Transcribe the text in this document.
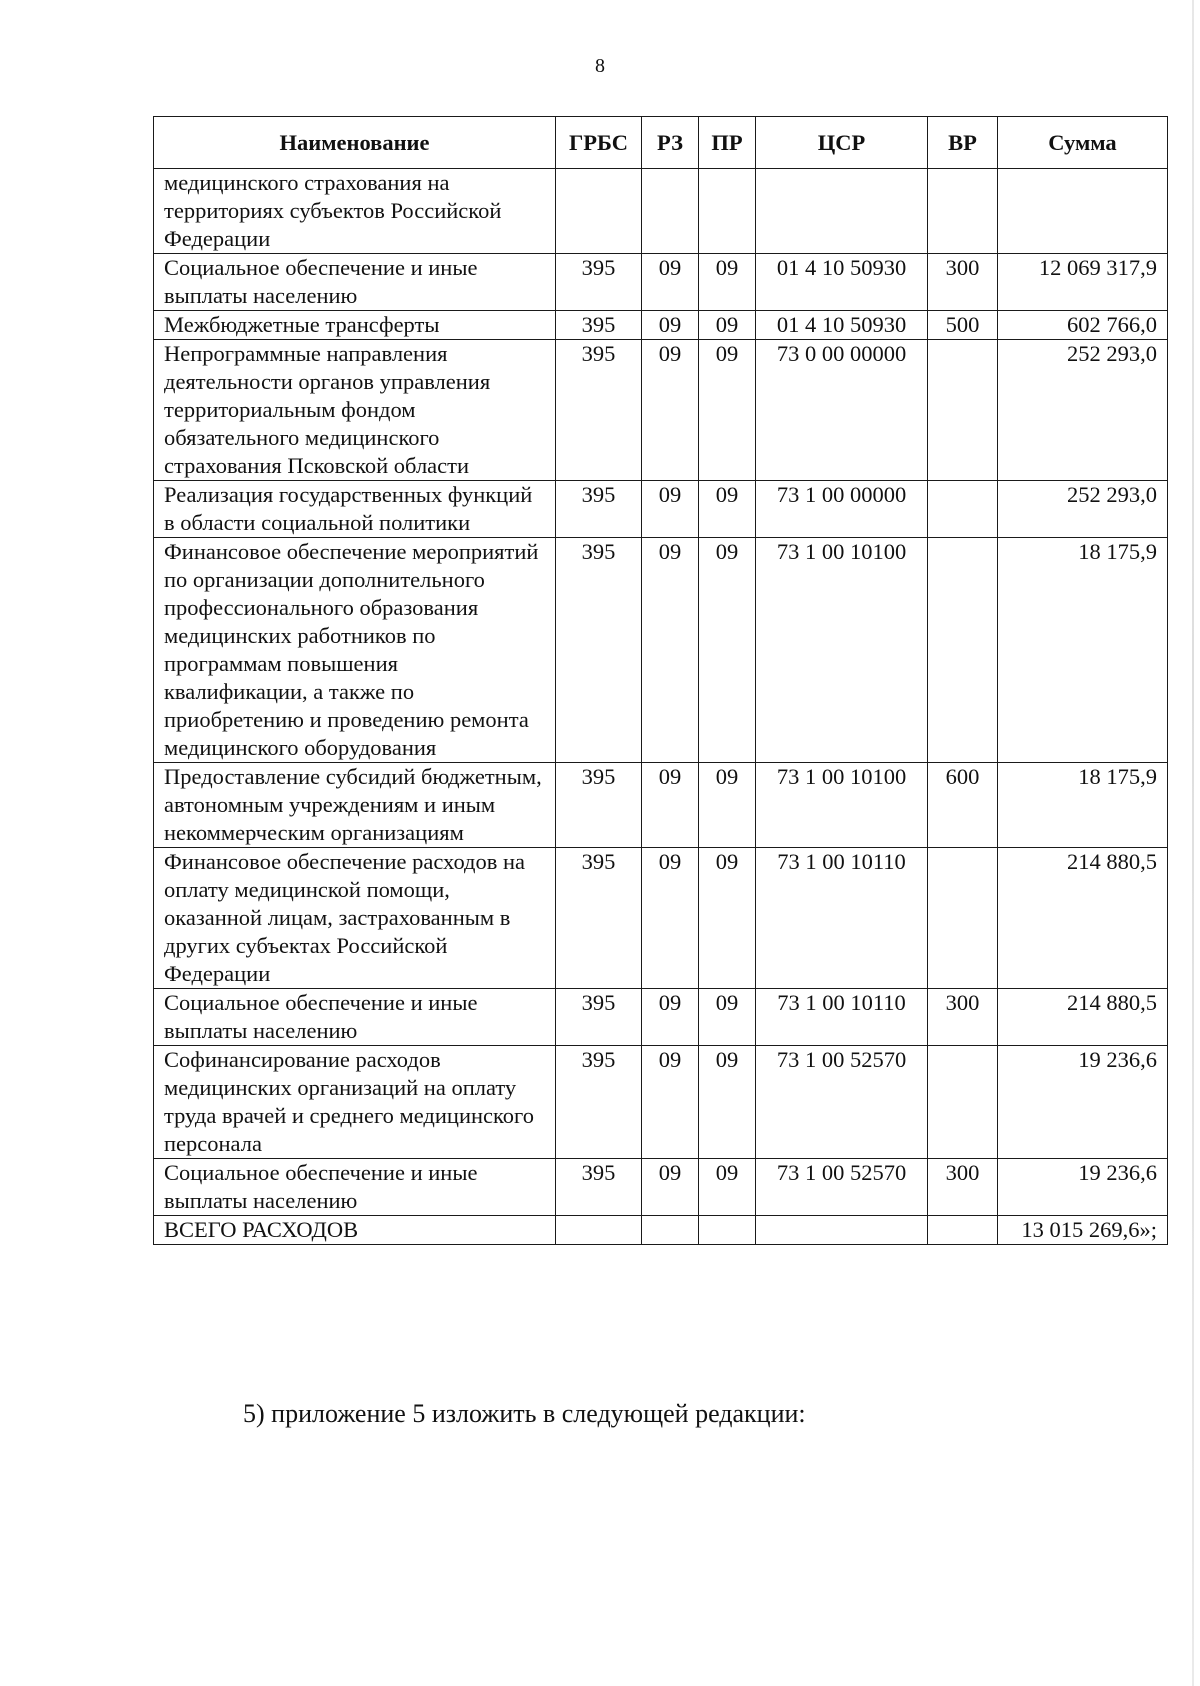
8
Наименование	ГРБС	РЗ	ПР	ЦСР	ВР	Сумма
медицинского страхования на территориях субъектов Российской Федерации						
Социальное обеспечение и иные выплаты населению	395	09	09	01 4 10 50930	300	12 069 317,9
Межбюджетные трансферты	395	09	09	01 4 10 50930	500	602 766,0
Непрограммные направления деятельности органов управления территориальным фондом обязательного медицинского страхования Псковской области	395	09	09	73 0 00 00000		252 293,0
Реализация государственных функций в области социальной политики	395	09	09	73 1 00 00000		252 293,0
Финансовое обеспечение мероприятий по организации дополнительного профессионального образования медицинских работников по программам повышения квалификации, а также по приобретению и проведению ремонта медицинского оборудования	395	09	09	73 1 00 10100		18 175,9
Предоставление субсидий бюджетным, автономным учреждениям и иным некоммерческим организациям	395	09	09	73 1 00 10100	600	18 175,9
Финансовое обеспечение расходов на оплату медицинской помощи, оказанной лицам, застрахованным в других субъектах Российской Федерации	395	09	09	73 1 00 10110		214 880,5
Социальное обеспечение и иные выплаты населению	395	09	09	73 1 00 10110	300	214 880,5
Софинансирование расходов медицинских организаций на оплату труда врачей и среднего медицинского персонала	395	09	09	73 1 00 52570		19 236,6
Социальное обеспечение и иные выплаты населению	395	09	09	73 1 00 52570	300	19 236,6
ВСЕГО РАСХОДОВ						13 015 269,6»;
5) приложение 5 изложить в следующей редакции:
